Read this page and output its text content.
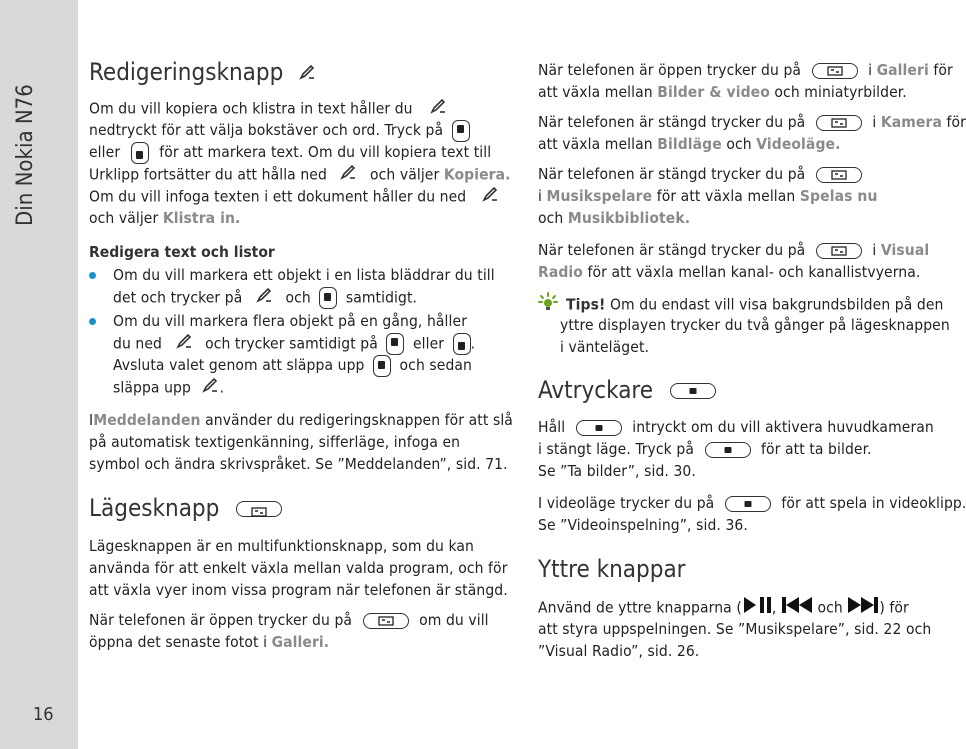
Din Nokia N76
16
Redigeringsknapp
Om du vill kopiera och klistra in text håller du
nedtryckt för att välja bokstäver och ord. Tryck på
eller	för att markera text. Om du vill kopiera text till
Urklipp fortsätter du att hålla ned	och väljer Kopiera.
Om du vill infoga texten i ett dokument håller du ned
och väljer Klistra in.
Redigera text och listor
Om du vill markera ett objekt i en lista bläddrar du till
det och trycker på	och samtidigt.
Om du vill markera flera objekt på en gång, håller
du ned	och trycker samtidigt på eller .
Avsluta valet genom att släppa upp och sedan
släppa upp .
IMeddelanden använder du redigeringsknappen för att slå
på automatisk textigenkänning, sifferläge, infoga en
symbol och ändra skrivspråket. Se ”Meddelanden”, sid. 71.
Lägesknapp
Lägesknappen är en multifunktionsknapp, som du kan
använda för att enkelt växla mellan valda program, och för
att växla vyer inom vissa program när telefonen är stängd.
När telefonen är öppen trycker du på	om du vill
öppna det senaste fotot i Galleri.
När telefonen är öppen trycker du på	i Galleri för
att växla mellan Bilder & video och miniatyrbilder.
När telefonen är stängd trycker du på	i Kamera för
att växla mellan Bildläge och Videoläge.
När telefonen är stängd trycker du på
i Musikspelare för att växla mellan Spelas nu
och Musikbibliotek.
När telefonen är stängd trycker du på	i Visual
Radio för att växla mellan kanal- och kanallistvyerna.
Tips! Om du endast vill visa bakgrundsbilden på den
yttre displayen trycker du två gånger på lägesknappen
i vänteläget.
Avtryckare
Håll	intryckt om du vill aktivera huvudkameran
i stängt läge. Tryck på	för att ta bilder.
Se ”Ta bilder”, sid. 30.
I videoläge trycker du på	för att spela in videoklipp.
Se ”Videoinspelning”, sid. 36.
Yttre knappar
Använd de yttre knapparna ( ,	och ) för
att styra uppspelningen. Se ”Musikspelare”, sid. 22 och
”Visual Radio”, sid. 26.
